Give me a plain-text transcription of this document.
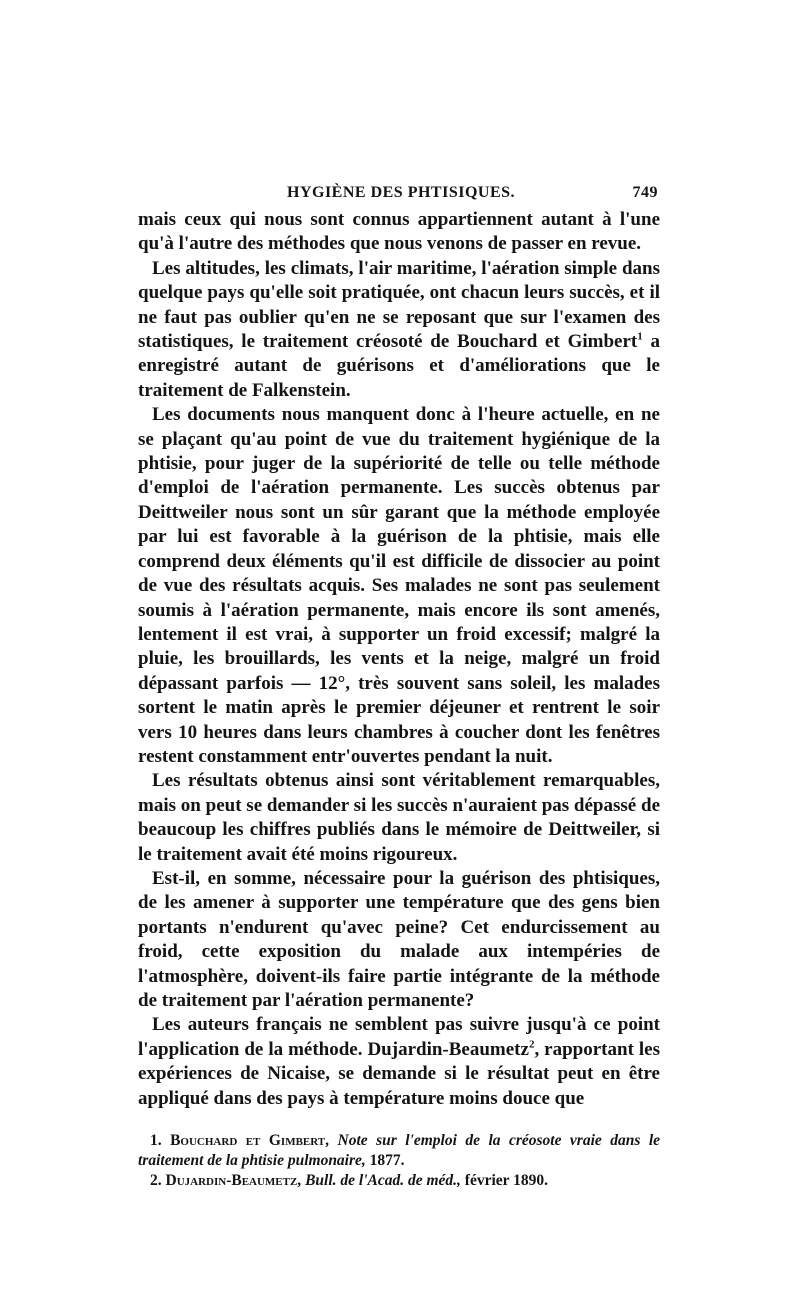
HYGIÈNE DES PHTISIQUES.	749

mais ceux qui nous sont connus appartiennent autant à l'une qu'à l'autre des méthodes que nous venons de passer en revue.

Les altitudes, les climats, l'air maritime, l'aération simple dans quelque pays qu'elle soit pratiquée, ont chacun leurs succès, et il ne faut pas oublier qu'en ne se reposant que sur l'examen des statistiques, le traitement créosoté de Bouchard et Gimbert$^1$ a enregistré autant de guérisons et d'améliorations que le traitement de Falkenstein.

Les documents nous manquent donc à l'heure actuelle, en ne se plaçant qu'au point de vue du traitement hygiénique de la phtisie, pour juger de la supériorité de telle ou telle méthode d'emploi de l'aération permanente. Les succès obtenus par Deittweiler nous sont un sûr garant que la méthode employée par lui est favorable à la guérison de la phtisie, mais elle comprend deux éléments qu'il est difficile de dissocier au point de vue des résultats acquis. Ses malades ne sont pas seulement soumis à l'aération permanente, mais encore ils sont amenés, lentement il est vrai, à supporter un froid excessif; malgré la pluie, les brouillards, les vents et la neige, malgré un froid dépassant parfois — 12°, très souvent sans soleil, les malades sortent le matin après le premier déjeuner et rentrent le soir vers 10 heures dans leurs chambres à coucher dont les fenêtres restent constamment entr'ouvertes pendant la nuit.

Les résultats obtenus ainsi sont véritablement remarquables, mais on peut se demander si les succès n'auraient pas dépassé de beaucoup les chiffres publiés dans le mémoire de Deittweiler, si le traitement avait été moins rigoureux.

Est-il, en somme, nécessaire pour la guérison des phtisiques, de les amener à supporter une température que des gens bien portants n'endurent qu'avec peine? Cet endurcissement au froid, cette exposition du malade aux intempéries de l'atmosphère, doivent-ils faire partie intégrante de la méthode de traitement par l'aération permanente?

Les auteurs français ne semblent pas suivre jusqu'à ce point l'application de la méthode. Dujardin-Beaumetz$^2$, rapportant les expériences de Nicaise, se demande si le résultat peut en être appliqué dans des pays à température moins douce que

1. Bouchard et Gimbert, Note sur l'emploi de la créosote vraie dans le traitement de la phtisie pulmonaire, 1877.

2. Dujardin-Beaumetz, Bull. de l'Acad. de méd., février 1890.
